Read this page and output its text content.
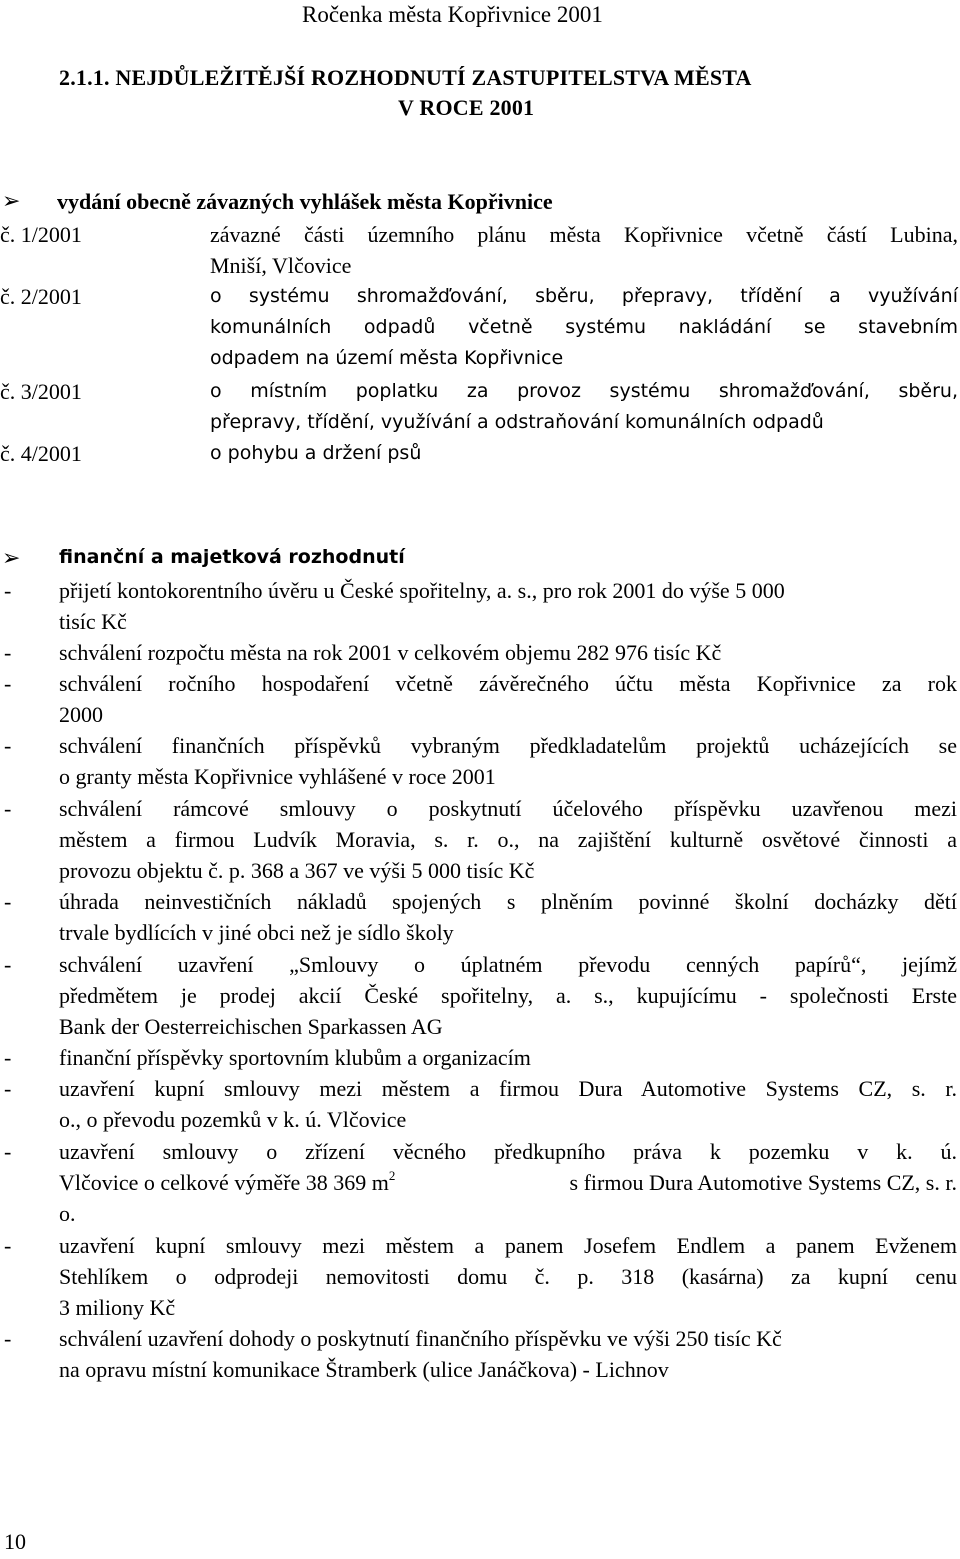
Ročenka města Kopřivnice 2001
2.1.1. NEJDŮLEŽITĚJŠÍ ROZHODNUTÍ ZASTUPITELSTVA MĚSTA
V ROCE 2001
➢ vydání obecně závazných vyhlášek města Kopřivnice
č. 1/2001	závazné části územního plánu města Kopřivnice včetně částí Lubina,
Mniší, Vlčovice
č. 2/2001	o systému shromažďování, sběru, přepravy, třídění a využívání
komunálních odpadů včetně systému nakládání se stavebním
odpadem na území města Kopřivnice
č. 3/2001	o místním poplatku za provoz systému shromažďování, sběru,
přepravy, třídění, využívání a odstraňování komunálních odpadů
č. 4/2001	o pohybu a držení psů
➢ finanční a majetková rozhodnutí
- přijetí kontokorentního úvěru u České spořitelny, a. s., pro rok 2001 do výše 5 000
tisíc Kč
- schválení rozpočtu města na rok 2001 v celkovém objemu 282 976 tisíc Kč
- schválení ročního hospodaření včetně závěrečného účtu města Kopřivnice za rok
2000
- schválení finančních příspěvků vybraným předkladatelům projektů ucházejících se
o granty města Kopřivnice vyhlášené v roce 2001
- schválení rámcové smlouvy o poskytnutí účelového příspěvku uzavřenou mezi
městem a firmou Ludvík Moravia, s. r. o., na zajištění kulturně osvětové činnosti a
provozu objektu č. p. 368 a 367 ve výši 5 000 tisíc Kč
- úhrada neinvestičních nákladů spojených s plněním povinné školní docházky dětí
trvale bydlících v jiné obci než je sídlo školy
- schválení uzavření „Smlouvy o úplatném převodu cenných papírů“, jejímž
předmětem je prodej akcií České spořitelny, a. s., kupujícímu - společnosti Erste
Bank der Oesterreichischen Sparkassen AG
- finanční příspěvky sportovním klubům a organizacím
- uzavření kupní smlouvy mezi městem a firmou Dura Automotive Systems CZ, s. r.
o., o převodu pozemků v k. ú. Vlčovice
- uzavření smlouvy o zřízení věcného předkupního práva k pozemku v k. ú.
Vlčovice o celkové výměře 38 369 $m^2$	s firmou Dura Automotive Systems CZ, s. r.
o.
- uzavření kupní smlouvy mezi městem a panem Josefem Endlem a panem Evženem
Stehlíkem o odprodeji nemovitosti domu č. p. 318 (kasárna) za kupní cenu
3 miliony Kč
- schválení uzavření dohody o poskytnutí finančního příspěvku ve výši 250 tisíc Kč
na opravu místní komunikace Štramberk (ulice Janáčkova) - Lichnov
10
